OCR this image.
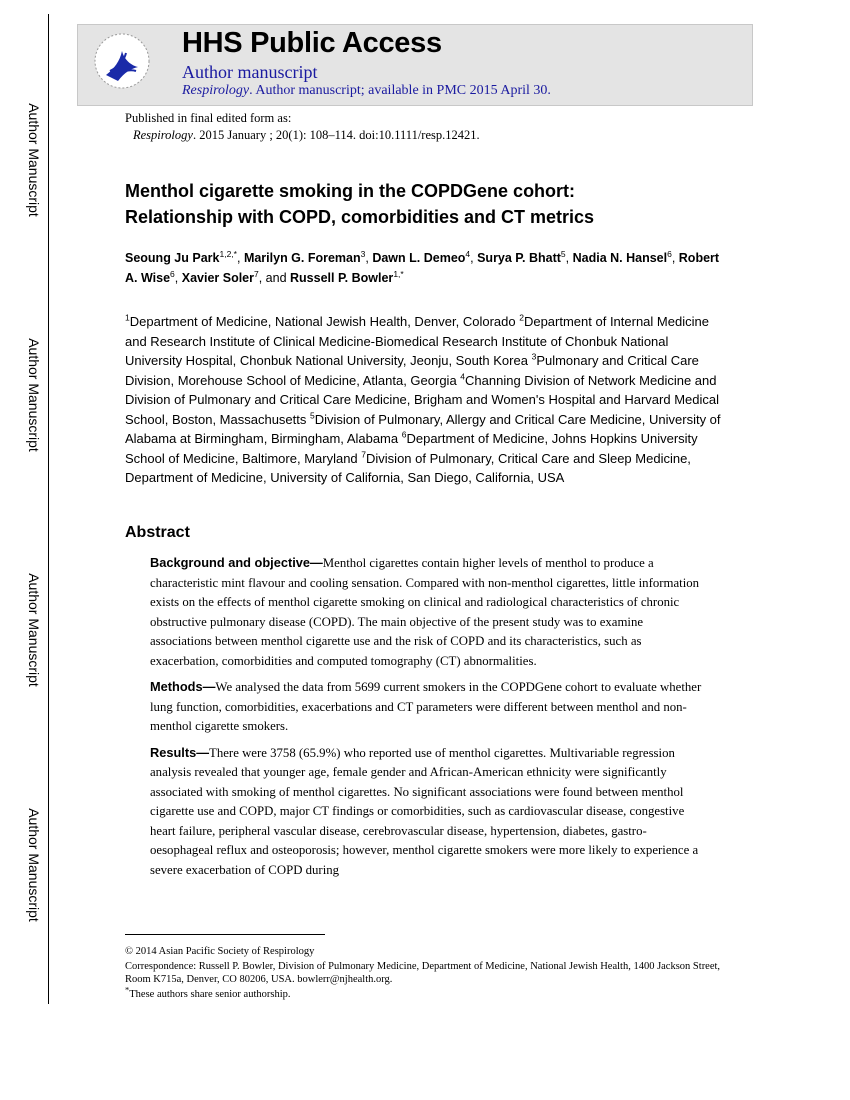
Author Manuscript
Author Manuscript
Author Manuscript
Author Manuscript
HHS Public Access
Author manuscript
Respirology. Author manuscript; available in PMC 2015 April 30.
Published in final edited form as:
Respirology. 2015 January ; 20(1): 108–114. doi:10.1111/resp.12421.
Menthol cigarette smoking in the COPDGene cohort:
Relationship with COPD, comorbidities and CT metrics
Seoung Ju Park$^{1,2,*}$, Marilyn G. Foreman$^3$, Dawn L. Demeo$^4$, Surya P. Bhatt$^5$, Nadia N. Hansel$^6$, Robert A. Wise$^6$, Xavier Soler$^7$, and Russell P. Bowler$^{1,*}$
$^1$Department of Medicine, National Jewish Health, Denver, Colorado $^2$Department of Internal Medicine and Research Institute of Clinical Medicine-Biomedical Research Institute of Chonbuk National University Hospital, Chonbuk National University, Jeonju, South Korea $^3$Pulmonary and Critical Care Division, Morehouse School of Medicine, Atlanta, Georgia $^4$Channing Division of Network Medicine and Division of Pulmonary and Critical Care Medicine, Brigham and Women's Hospital and Harvard Medical School, Boston, Massachusetts $^5$Division of Pulmonary, Allergy and Critical Care Medicine, University of Alabama at Birmingham, Birmingham, Alabama $^6$Department of Medicine, Johns Hopkins University School of Medicine, Baltimore, Maryland $^7$Division of Pulmonary, Critical Care and Sleep Medicine, Department of Medicine, University of California, San Diego, California, USA
Abstract

Background and objective—Menthol cigarettes contain higher levels of menthol to produce a characteristic mint flavour and cooling sensation. Compared with non-menthol cigarettes, little information exists on the effects of menthol cigarette smoking on clinical and radiological characteristics of chronic obstructive pulmonary disease (COPD). The main objective of the present study was to examine associations between menthol cigarette use and the risk of COPD and its characteristics, such as exacerbation, comorbidities and computed tomography (CT) abnormalities.

Methods—We analysed the data from 5699 current smokers in the COPDGene cohort to evaluate whether lung function, comorbidities, exacerbations and CT parameters were different between menthol and non-menthol cigarette smokers.

Results—There were 3758 (65.9%) who reported use of menthol cigarettes. Multivariable regression analysis revealed that younger age, female gender and African-American ethnicity were significantly associated with smoking of menthol cigarettes. No significant associations were found between menthol cigarette use and COPD, major CT findings or comorbidities, such as cardiovascular disease, congestive heart failure, peripheral vascular disease, cerebrovascular disease, hypertension, diabetes, gastro-oesophageal reflux and osteoporosis; however, menthol cigarette smokers were more likely to experience a severe exacerbation of COPD during

© 2014 Asian Pacific Society of Respirology
Correspondence: Russell P. Bowler, Division of Pulmonary Medicine, Department of Medicine, National Jewish Health, 1400 Jackson Street, Room K715a, Denver, CO 80206, USA. bowlerr@njhealth.org.
*These authors share senior authorship.
